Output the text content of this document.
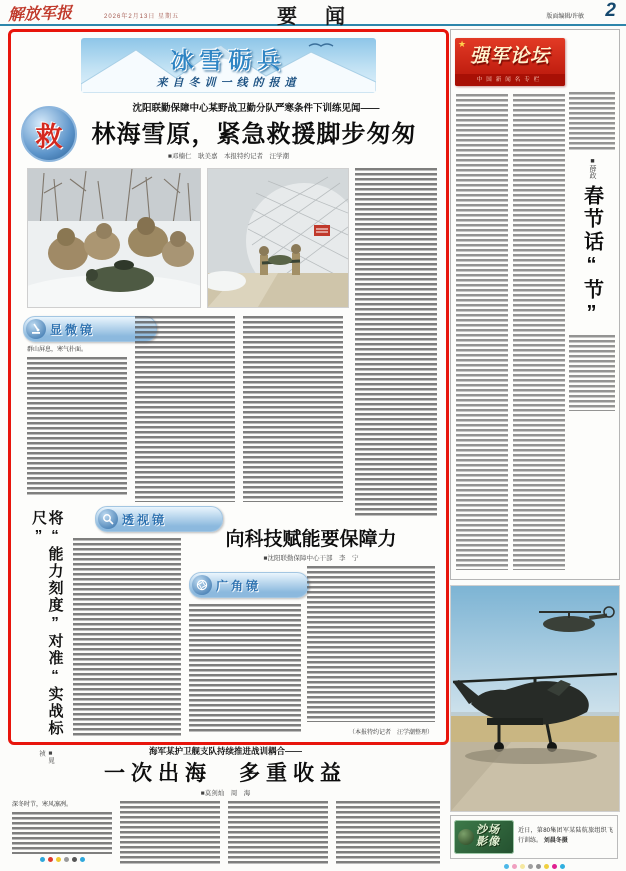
要　闻
解放军报	2026年2月13日 星期五	版面编辑/许敏 2
冰雪砺兵
来自冬训一线的报道
沈阳联勤保障中心某野战卫勤分队严寒条件下训练见闻——
救	林海雪原，紧急救援脚步匆匆
■邓楠仁　耿美嘉　本报特约记者　汪学潮
显微镜
群山屏息，寒气扑面。
将“能力刻度”对准“实战标尺”
■晁祯
透视镜
向科技赋能要保障力
■沈阳联勤保障中心干部　李　宁
广角镜
（本报特约记者　汪学潮整理）
★
强军论坛
中国新闻名专栏
■薛政
春节话“节”
海军某护卫舰支队持续推进战训耦合——
一次出海　多重收益
■莫剑灿　周　海
深冬时节，寒风凛冽。
沙场
影像
近日，第80集团军某陆航旅组织飞行训练。 刘晨冬摄
